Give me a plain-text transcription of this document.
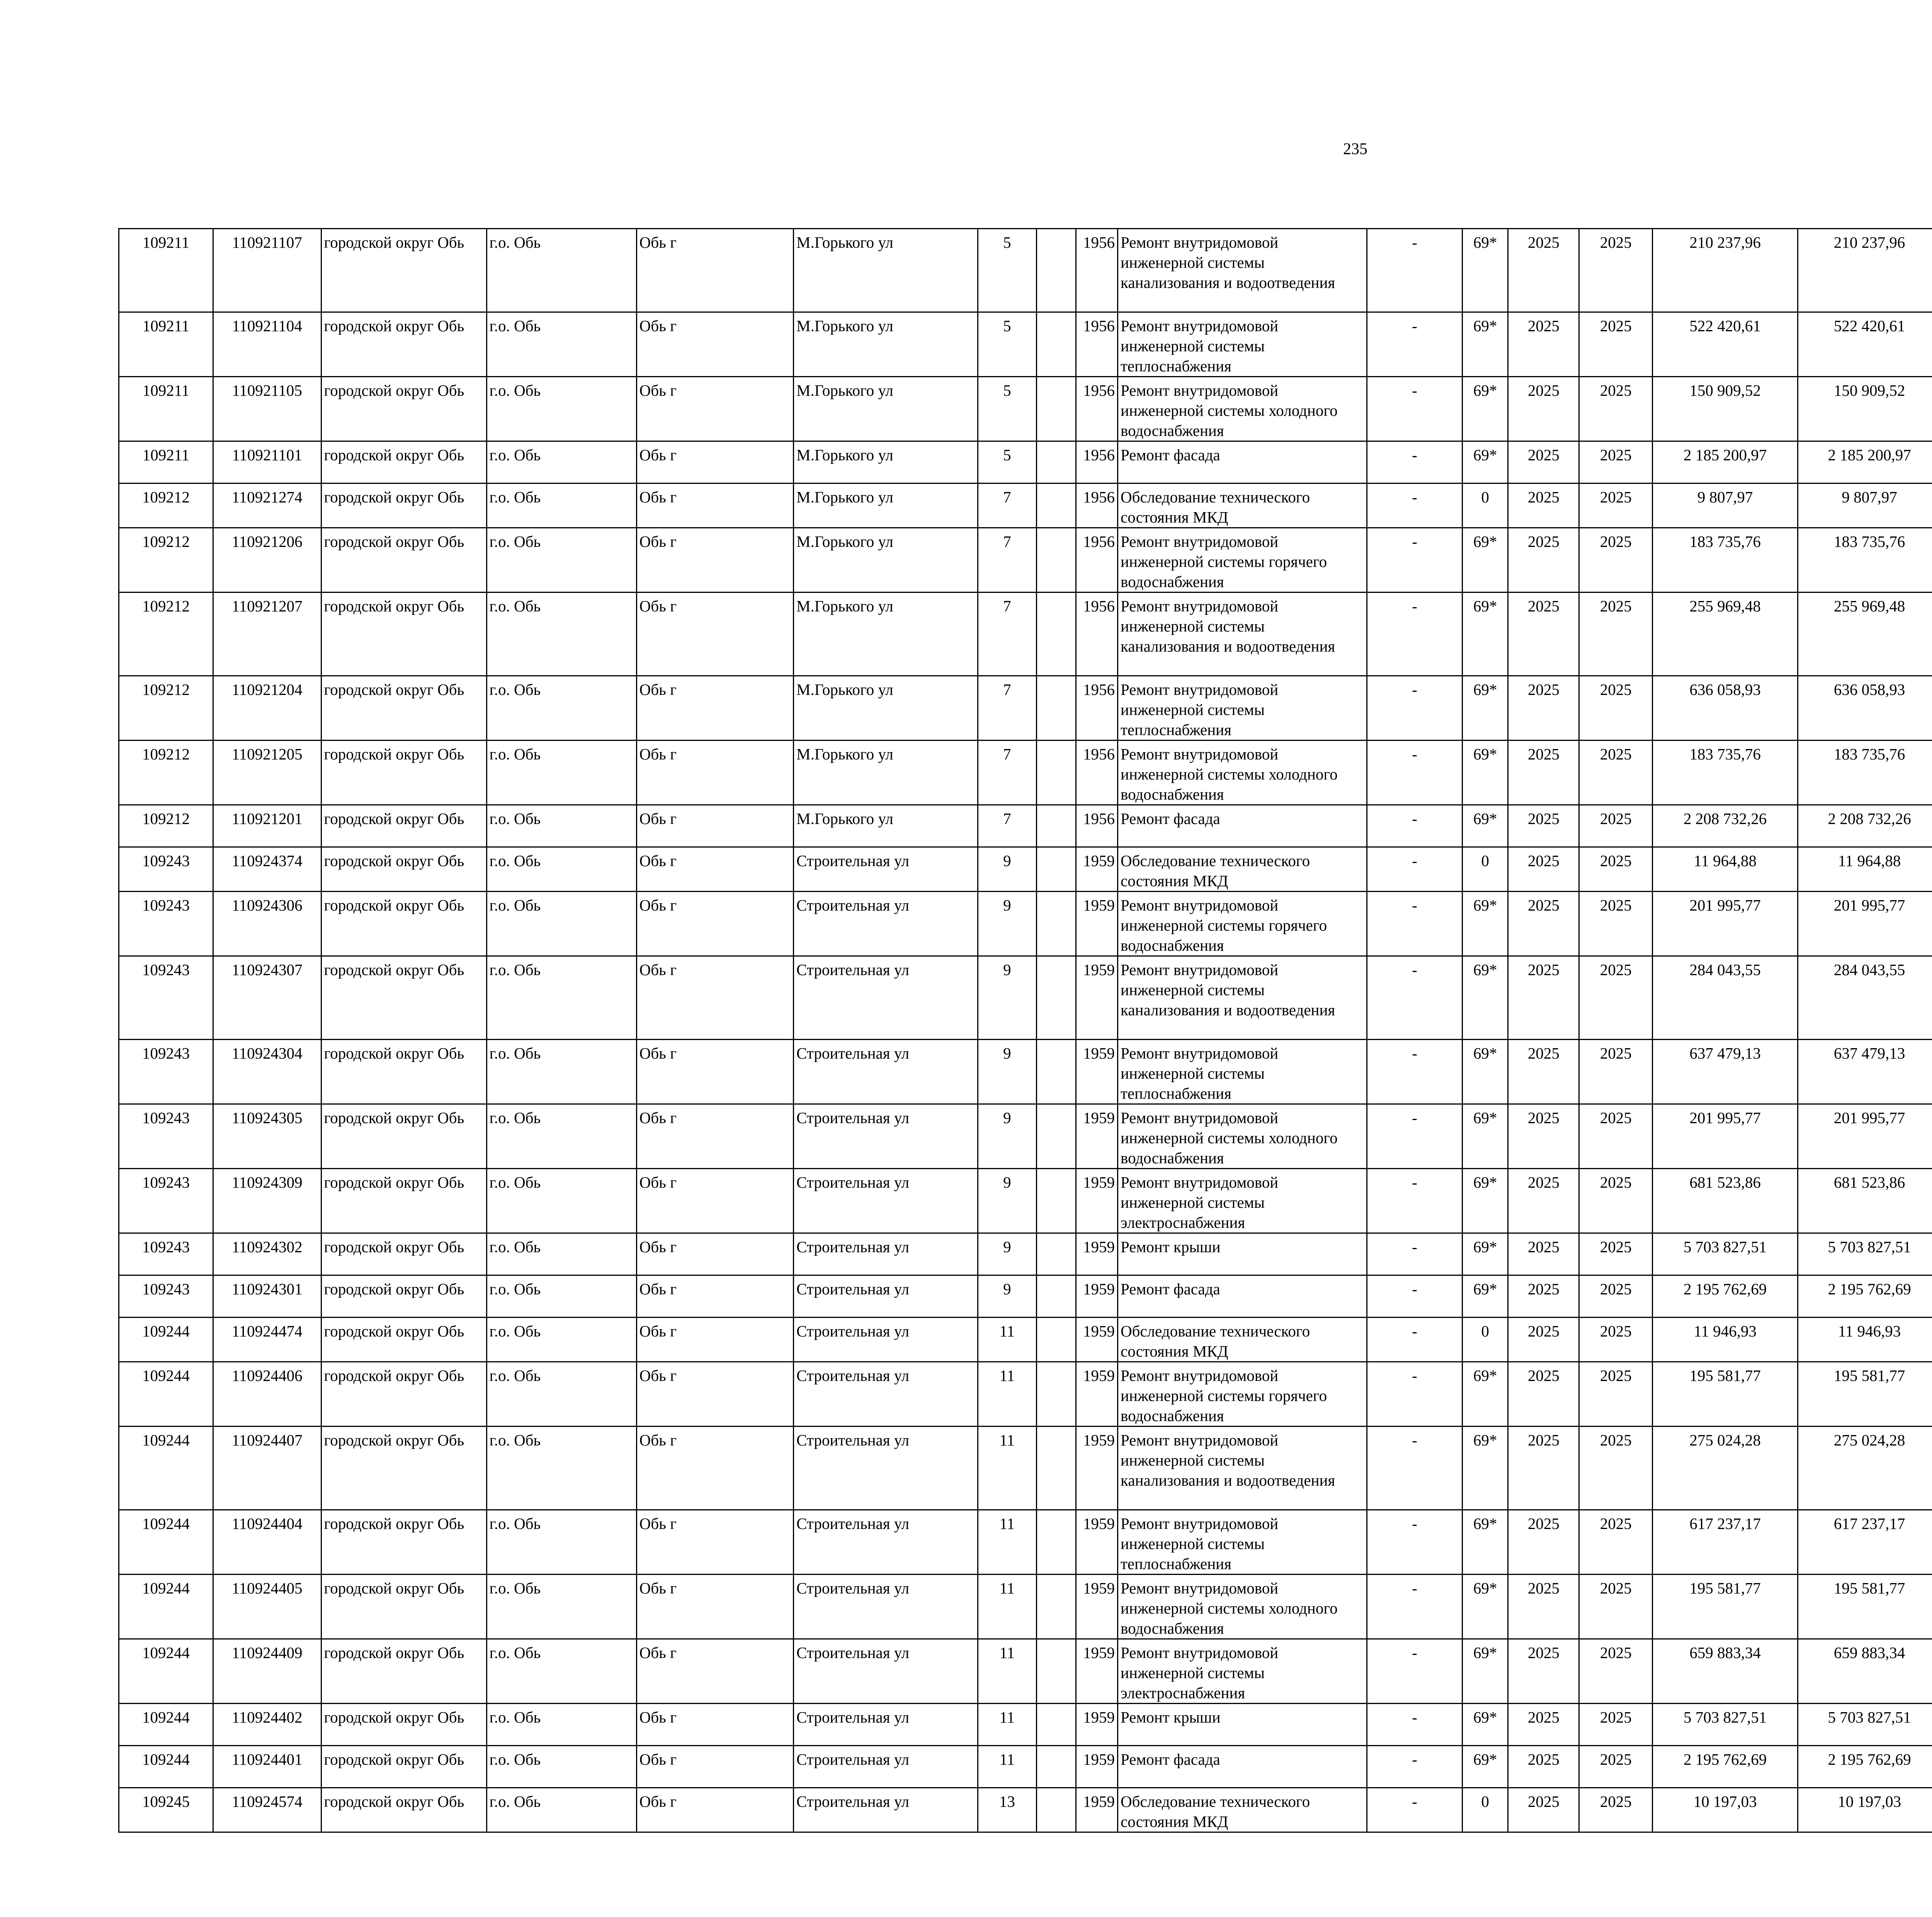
235
109211	110921107	городской округ Обь	г.о. Обь	Обь г	М.Горького ул	5		1956	Ремонт внутридомовой инженерной системы канализования и водоотведения	-	69*	2025	2025	210 237,96	210 237,96						
109211	110921104	городской округ Обь	г.о. Обь	Обь г	М.Горького ул	5		1956	Ремонт внутридомовой инженерной системы теплоснабжения	-	69*	2025	2025	522 420,61	522 420,61						
109211	110921105	городской округ Обь	г.о. Обь	Обь г	М.Горького ул	5		1956	Ремонт внутридомовой инженерной системы холодного водоснабжения	-	69*	2025	2025	150 909,52	150 909,52						
109211	110921101	городской округ Обь	г.о. Обь	Обь г	М.Горького ул	5		1956	Ремонт фасада	-	69*	2025	2025	2 185 200,97	2 185 200,97						
109212	110921274	городской округ Обь	г.о. Обь	Обь г	М.Горького ул	7		1956	Обследование технического состояния МКД	-	0	2025	2025	9 807,97	9 807,97						
109212	110921206	городской округ Обь	г.о. Обь	Обь г	М.Горького ул	7		1956	Ремонт внутридомовой инженерной системы горячего водоснабжения	-	69*	2025	2025	183 735,76	183 735,76						
109212	110921207	городской округ Обь	г.о. Обь	Обь г	М.Горького ул	7		1956	Ремонт внутридомовой инженерной системы канализования и водоотведения	-	69*	2025	2025	255 969,48	255 969,48						
109212	110921204	городской округ Обь	г.о. Обь	Обь г	М.Горького ул	7		1956	Ремонт внутридомовой инженерной системы теплоснабжения	-	69*	2025	2025	636 058,93	636 058,93						
109212	110921205	городской округ Обь	г.о. Обь	Обь г	М.Горького ул	7		1956	Ремонт внутридомовой инженерной системы холодного водоснабжения	-	69*	2025	2025	183 735,76	183 735,76						
109212	110921201	городской округ Обь	г.о. Обь	Обь г	М.Горького ул	7		1956	Ремонт фасада	-	69*	2025	2025	2 208 732,26	2 208 732,26						
109243	110924374	городской округ Обь	г.о. Обь	Обь г	Строительная ул	9		1959	Обследование технического состояния МКД	-	0	2025	2025	11 964,88	11 964,88						
109243	110924306	городской округ Обь	г.о. Обь	Обь г	Строительная ул	9		1959	Ремонт внутридомовой инженерной системы горячего водоснабжения	-	69*	2025	2025	201 995,77	201 995,77						
109243	110924307	городской округ Обь	г.о. Обь	Обь г	Строительная ул	9		1959	Ремонт внутридомовой инженерной системы канализования и водоотведения	-	69*	2025	2025	284 043,55	284 043,55						
109243	110924304	городской округ Обь	г.о. Обь	Обь г	Строительная ул	9		1959	Ремонт внутридомовой инженерной системы теплоснабжения	-	69*	2025	2025	637 479,13	637 479,13						
109243	110924305	городской округ Обь	г.о. Обь	Обь г	Строительная ул	9		1959	Ремонт внутридомовой инженерной системы холодного водоснабжения	-	69*	2025	2025	201 995,77	201 995,77						
109243	110924309	городской округ Обь	г.о. Обь	Обь г	Строительная ул	9		1959	Ремонт внутридомовой инженерной системы электроснабжения	-	69*	2025	2025	681 523,86	681 523,86						
109243	110924302	городской округ Обь	г.о. Обь	Обь г	Строительная ул	9		1959	Ремонт крыши	-	69*	2025	2025	5 703 827,51	5 703 827,51						
109243	110924301	городской округ Обь	г.о. Обь	Обь г	Строительная ул	9		1959	Ремонт фасада	-	69*	2025	2025	2 195 762,69	2 195 762,69						
109244	110924474	городской округ Обь	г.о. Обь	Обь г	Строительная ул	11		1959	Обследование технического состояния МКД	-	0	2025	2025	11 946,93	11 946,93						
109244	110924406	городской округ Обь	г.о. Обь	Обь г	Строительная ул	11		1959	Ремонт внутридомовой инженерной системы горячего водоснабжения	-	69*	2025	2025	195 581,77	195 581,77						
109244	110924407	городской округ Обь	г.о. Обь	Обь г	Строительная ул	11		1959	Ремонт внутридомовой инженерной системы канализования и водоотведения	-	69*	2025	2025	275 024,28	275 024,28						
109244	110924404	городской округ Обь	г.о. Обь	Обь г	Строительная ул	11		1959	Ремонт внутридомовой инженерной системы теплоснабжения	-	69*	2025	2025	617 237,17	617 237,17						
109244	110924405	городской округ Обь	г.о. Обь	Обь г	Строительная ул	11		1959	Ремонт внутридомовой инженерной системы холодного водоснабжения	-	69*	2025	2025	195 581,77	195 581,77						
109244	110924409	городской округ Обь	г.о. Обь	Обь г	Строительная ул	11		1959	Ремонт внутридомовой инженерной системы электроснабжения	-	69*	2025	2025	659 883,34	659 883,34						
109244	110924402	городской округ Обь	г.о. Обь	Обь г	Строительная ул	11		1959	Ремонт крыши	-	69*	2025	2025	5 703 827,51	5 703 827,51						
109244	110924401	городской округ Обь	г.о. Обь	Обь г	Строительная ул	11		1959	Ремонт фасада	-	69*	2025	2025	2 195 762,69	2 195 762,69						
109245	110924574	городской округ Обь	г.о. Обь	Обь г	Строительная ул	13		1959	Обследование технического состояния МКД	-	0	2025	2025	10 197,03	10 197,03						
